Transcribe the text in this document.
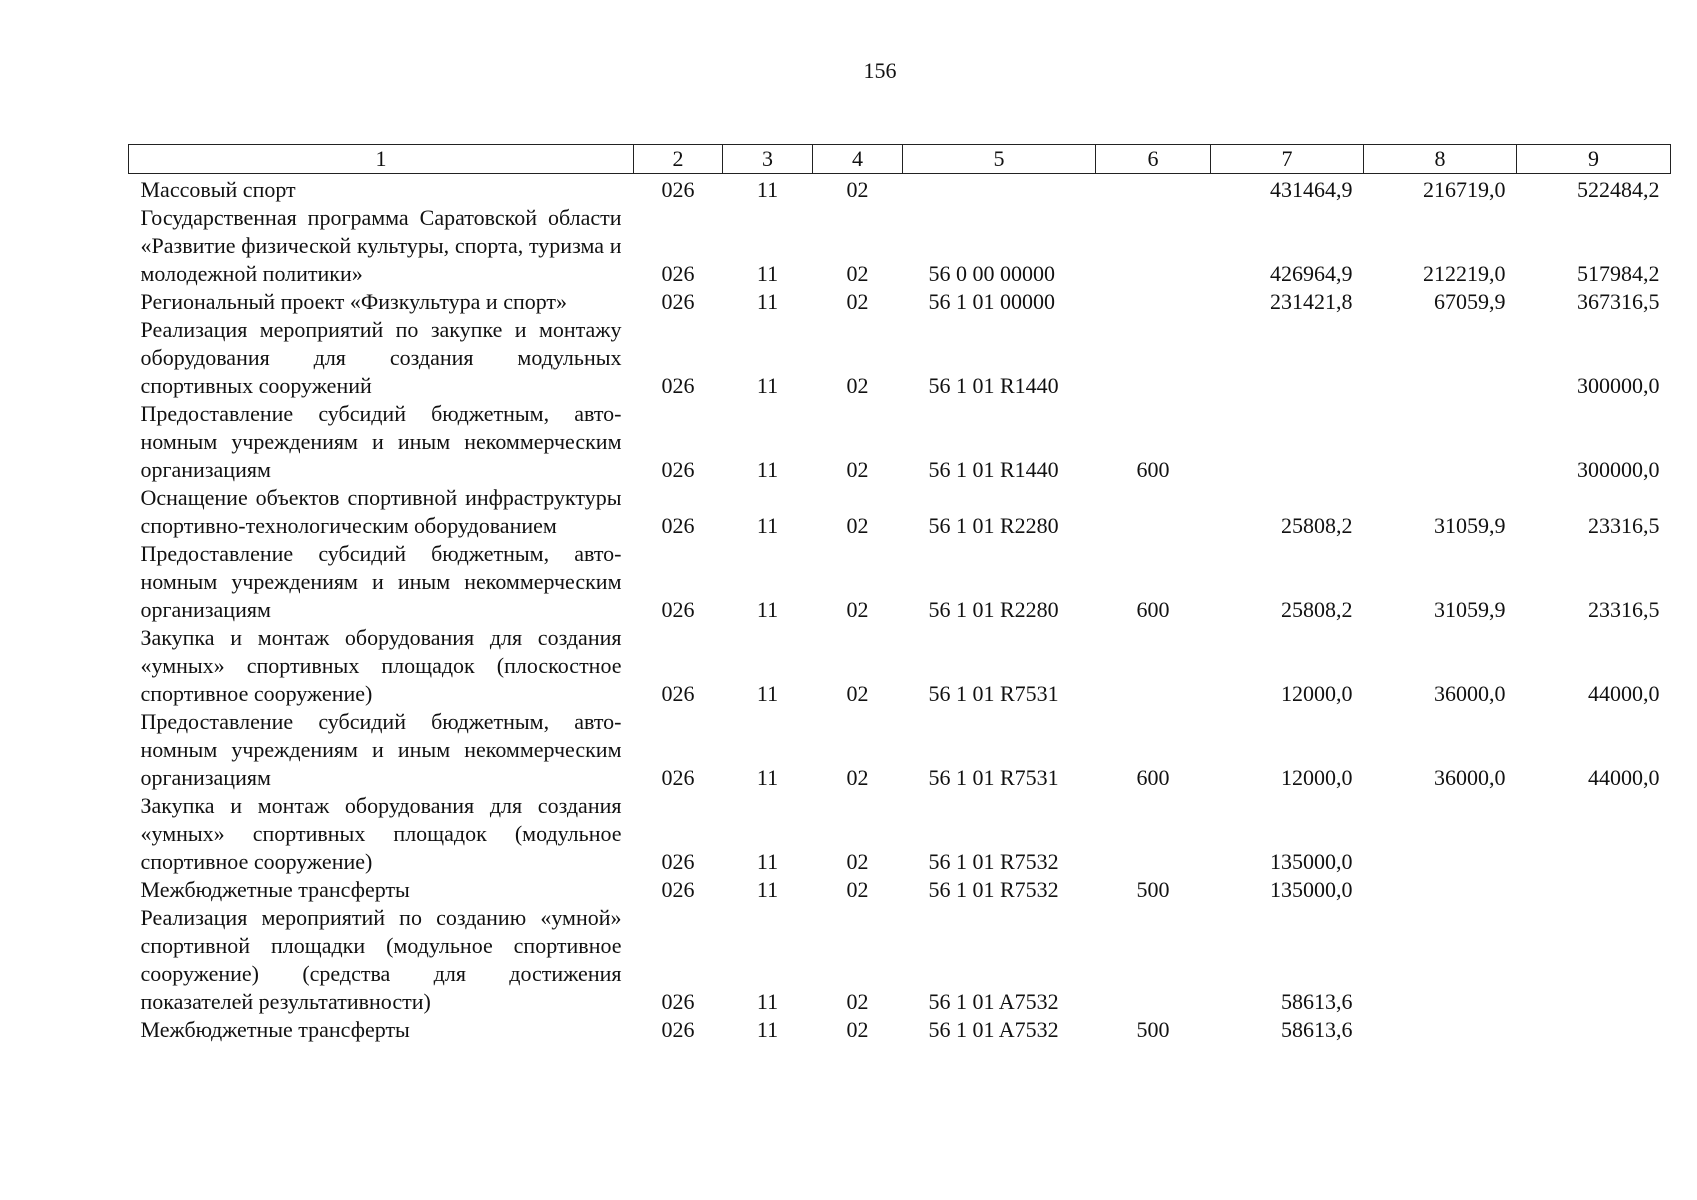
156
1	2	3	4	5	6	7	8	9
Массовый спорт	026	11	02			431464,9	216719,0	522484,2
Государственная программа Саратовской области «Развитие физической культуры, спорта, туризма и молодежной политики»	026	11	02	56 0 00 00000		426964,9	212219,0	517984,2
Региональный проект «Физкультура и спорт»	026	11	02	56 1 01 00000		231421,8	67059,9	367316,5
Реализация мероприятий по закупке и монтажу оборудования для создания модульных спортивных сооружений	026	11	02	56 1 01 R1440				300000,0
Предоставление субсидий бюджетным, автономным учреждениям и иным некоммерческим организациям	026	11	02	56 1 01 R1440	600			300000,0
Оснащение объектов спортивной инфраструктуры спортивно-технологическим оборудованием	026	11	02	56 1 01 R2280		25808,2	31059,9	23316,5
Предоставление субсидий бюджетным, автономным учреждениям и иным некоммерческим организациям	026	11	02	56 1 01 R2280	600	25808,2	31059,9	23316,5
Закупка и монтаж оборудования для создания «умных» спортивных площадок (плоскостное спортивное сооружение)	026	11	02	56 1 01 R7531		12000,0	36000,0	44000,0
Предоставление субсидий бюджетным, автономным учреждениям и иным некоммерческим организациям	026	11	02	56 1 01 R7531	600	12000,0	36000,0	44000,0
Закупка и монтаж оборудования для создания «умных» спортивных площадок (модульное спортивное сооружение)	026	11	02	56 1 01 R7532		135000,0		
Межбюджетные трансферты	026	11	02	56 1 01 R7532	500	135000,0		
Реализация мероприятий по созданию «умной» спортивной площадки (модульное спортивное сооружение) (средства для достижения показателей результативности)	026	11	02	56 1 01 A7532		58613,6		
Межбюджетные трансферты	026	11	02	56 1 01 A7532	500	58613,6		
